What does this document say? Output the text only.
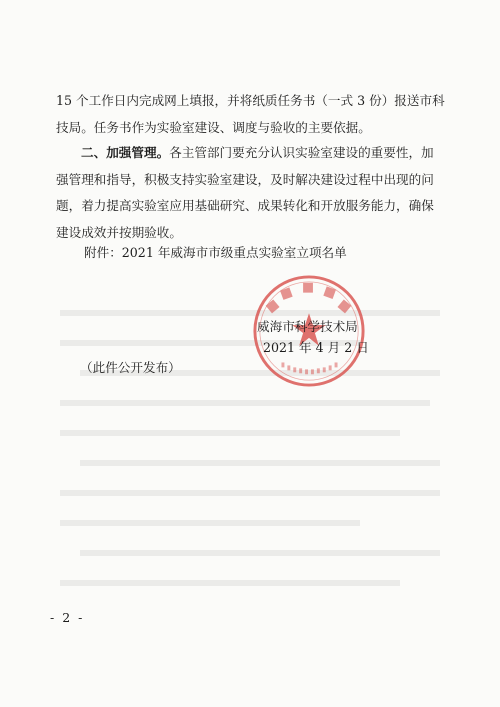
15 个工作日内完成网上填报，并将纸质任务书（一式 3 份）报送市科技局。任务书作为实验室建设、调度与验收的主要依据。

二、加强管理。各主管部门要充分认识实验室建设的重要性，加强管理和指导，积极支持实验室建设，及时解决建设过程中出现的问题，着力提高实验室应用基础研究、成果转化和开放服务能力，确保建设成效并按期验收。

附件：2021 年威海市市级重点实验室立项名单
威海市科学技术局
2021 年 4 月 2 日
（此件公开发布）
- 2 -
